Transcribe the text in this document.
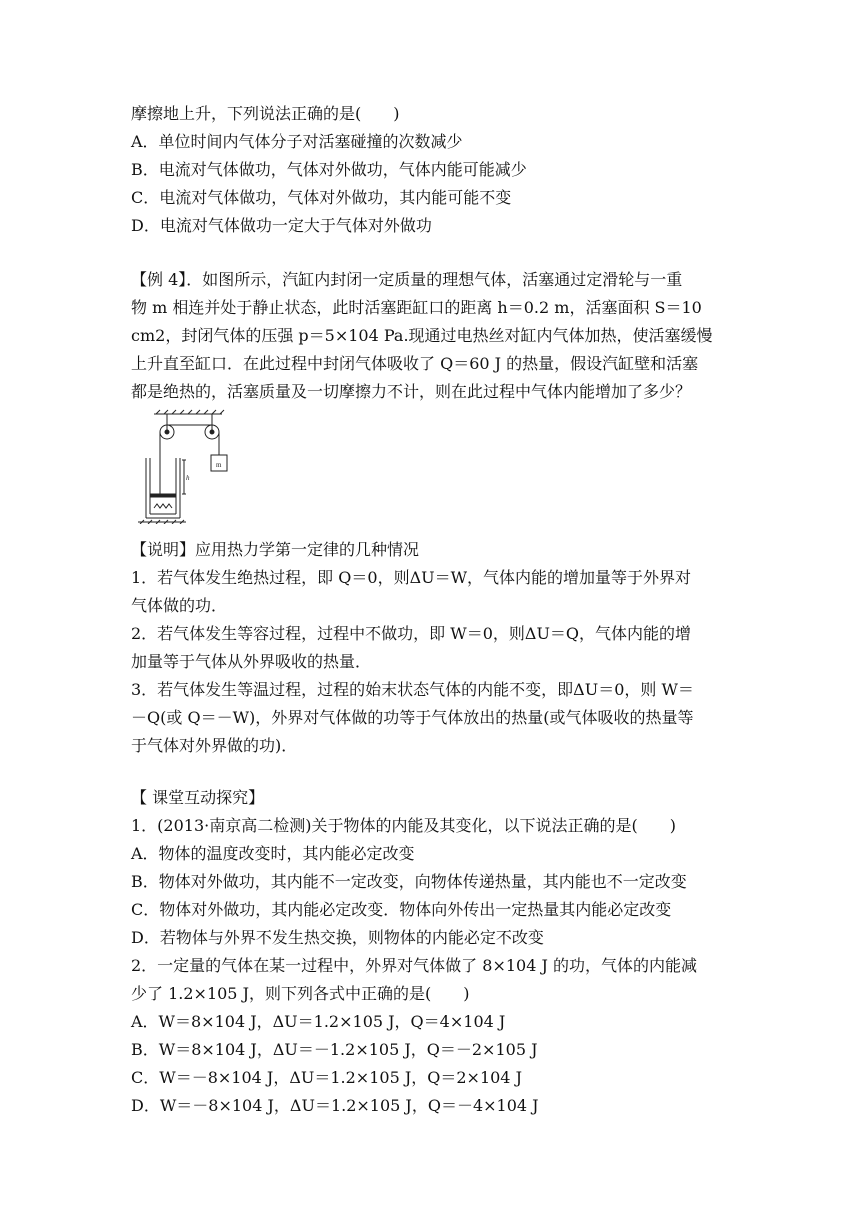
摩擦地上升，下列说法正确的是(　　)
A．单位时间内气体分子对活塞碰撞的次数减少
B．电流对气体做功，气体对外做功，气体内能可能减少
C．电流对气体做功，气体对外做功，其内能可能不变
D．电流对气体做功一定大于气体对外做功
【例 4】．如图所示，汽缸内封闭一定质量的理想气体，活塞通过定滑轮与一重
物 m 相连并处于静止状态，此时活塞距缸口的距离 h＝0.2 m，活塞面积 S＝10
cm2，封闭气体的压强 p＝5×104 Pa.现通过电热丝对缸内气体加热，使活塞缓慢
上升直至缸口．在此过程中封闭气体吸收了 Q＝60 J 的热量，假设汽缸壁和活塞
都是绝热的，活塞质量及一切摩擦力不计，则在此过程中气体内能增加了多少？
m
h
【说明】应用热力学第一定律的几种情况
1．若气体发生绝热过程，即 Q＝0，则ΔU＝W，气体内能的增加量等于外界对
气体做的功．
2．若气体发生等容过程，过程中不做功，即 W＝0，则ΔU＝Q，气体内能的增
加量等于气体从外界吸收的热量．
3．若气体发生等温过程，过程的始末状态气体的内能不变，即ΔU＝0，则 W＝
－Q(或 Q＝－W)，外界对气体做的功等于气体放出的热量(或气体吸收的热量等
于气体对外界做的功)．
【 课堂互动探究】
1．(2013·南京高二检测)关于物体的内能及其变化，以下说法正确的是(　　)
A．物体的温度改变时，其内能必定改变
B．物体对外做功，其内能不一定改变，向物体传递热量，其内能也不一定改变
C．物体对外做功，其内能必定改变．物体向外传出一定热量其内能必定改变
D．若物体与外界不发生热交换，则物体的内能必定不改变
2．一定量的气体在某一过程中，外界对气体做了 8×104 J 的功，气体的内能减
少了 1.2×105 J，则下列各式中正确的是(　　)
A．W＝8×104 J，ΔU＝1.2×105 J，Q＝4×104 J
B．W＝8×104 J，ΔU＝－1.2×105 J，Q＝－2×105 J
C．W＝－8×104 J，ΔU＝1.2×105 J，Q＝2×104 J
D．W＝－8×104 J，ΔU＝1.2×105 J，Q＝－4×104 J
